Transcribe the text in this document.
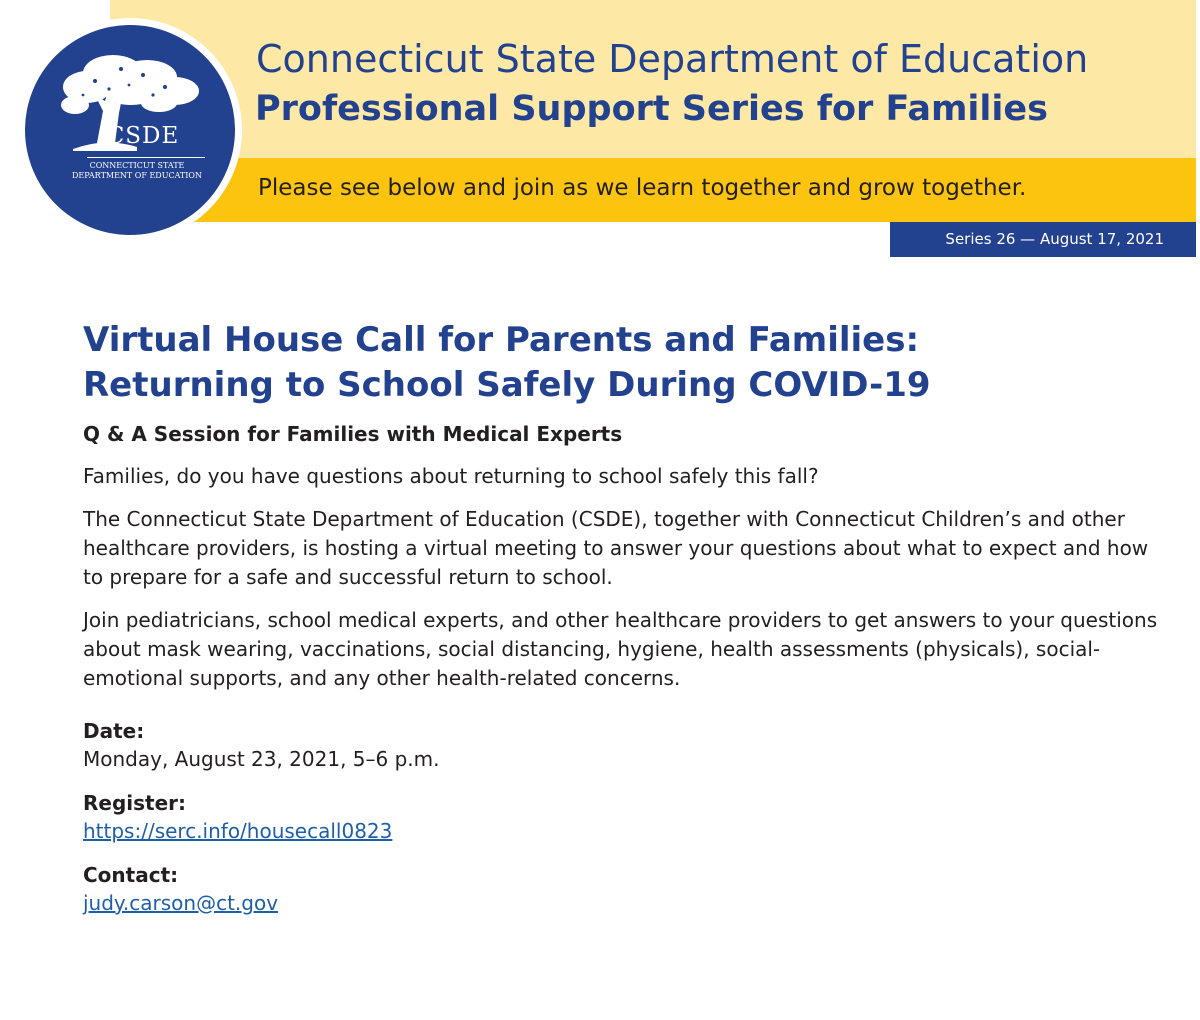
CSDE
CONNECTICUT STATE
DEPARTMENT OF EDUCATION
Connecticut State Department of Education
Professional Support Series for Families
Please see below and join as we learn together and grow together.
Series 26 — August 17, 2021
Virtual House Call for Parents and Families:
Returning to School Safely During COVID-19

Q & A Session for Families with Medical Experts

Families, do you have questions about returning to school safely this fall?

The Connecticut State Department of Education (CSDE), together with Connecticut Children’s and other healthcare providers, is hosting a virtual meeting to answer your questions about what to expect and how to prepare for a safe and successful return to school.

Join pediatricians, school medical experts, and other healthcare providers to get answers to your questions about mask wearing, vaccinations, social distancing, hygiene, health assessments (physicals), social-emotional supports, and any other health-related concerns.

Date:

Monday, August 23, 2021, 5–6 p.m.

Register:

https://serc.info/housecall0823

Contact:

judy.carson@ct.gov
